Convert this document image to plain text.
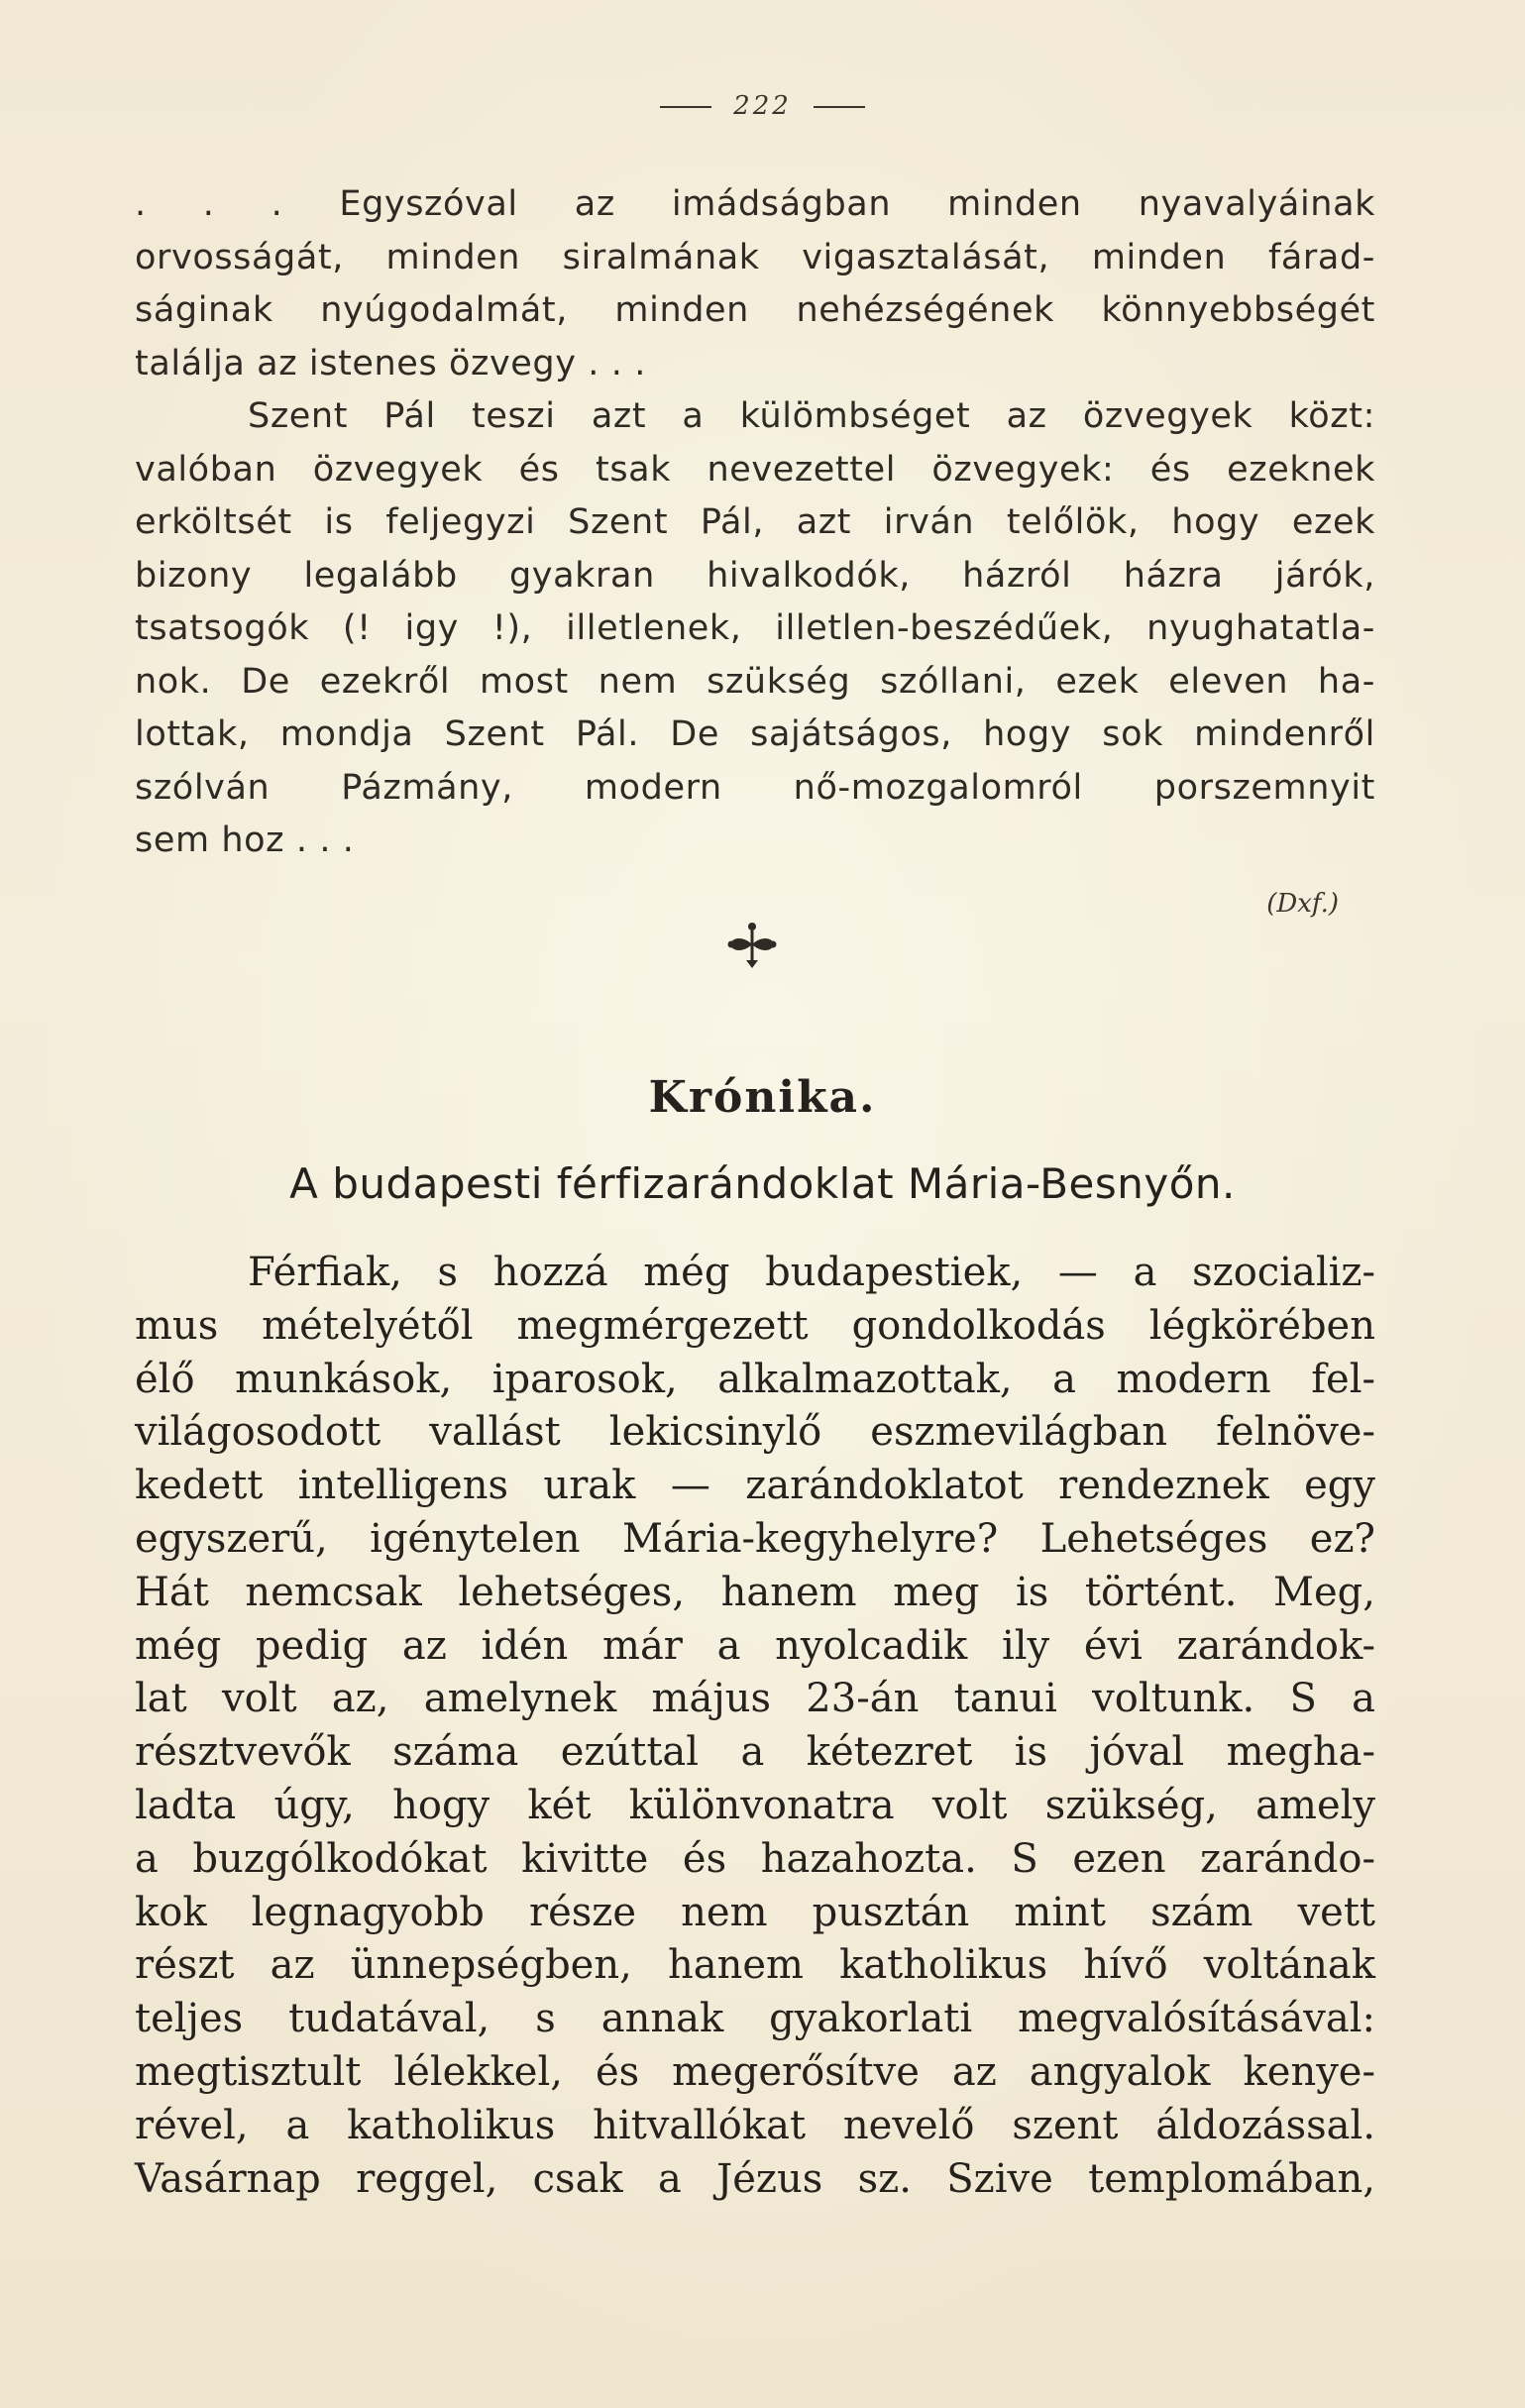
222

. . . Egyszóval az imádságban minden nyavalyáinak

orvosságát, minden siralmának vigasztalását, minden fárad-

ságinak nyúgodalmát, minden nehézségének könnyebbségét

találja az istenes özvegy . . .

Szent Pál teszi azt a külömbséget az özvegyek közt:

valóban özvegyek és tsak nevezettel özvegyek: és ezeknek

erköltsét is feljegyzi Szent Pál, azt irván telőlök, hogy ezek

bizony legalább gyakran hivalkodók, házról házra járók,

tsatsogók (! igy !), illetlenek, illetlen-beszédűek, nyughatatla-

nok. De ezekről most nem szükség szóllani, ezek eleven ha-

lottak, mondja Szent Pál. De sajátságos, hogy sok mindenről

szólván Pázmány, modern nő-mozgalomról porszemnyit

sem hoz . . .

(Dxf.)
Krónika.
A budapesti férfizarándoklat Mária-Besnyőn.

Férfiak, s hozzá még budapestiek, — a szocializ-

mus mételyétől megmérgezett gondolkodás légkörében

élő munkások, iparosok, alkalmazottak, a modern fel-

világosodott vallást lekicsinylő eszmevilágban felnöve-

kedett intelligens urak — zarándoklatot rendeznek egy

egyszerű, igénytelen Mária-kegyhelyre? Lehetséges ez?

Hát nemcsak lehetséges, hanem meg is történt. Meg,

még pedig az idén már a nyolcadik ily évi zarándok-

lat volt az, amelynek május 23-án tanui voltunk. S a

résztvevők száma ezúttal a kétezret is jóval megha-

ladta úgy, hogy két különvonatra volt szükség, amely

a buzgólkodókat kivitte és hazahozta. S ezen zarándo-

kok legnagyobb része nem pusztán mint szám vett

részt az ünnepségben, hanem katholikus hívő voltának

teljes tudatával, s annak gyakorlati megvalósításával:

megtisztult lélekkel, és megerősítve az angyalok kenye-

rével, a katholikus hitvallókat nevelő szent áldozással.

Vasárnap reggel, csak a Jézus sz. Szive templomában,
